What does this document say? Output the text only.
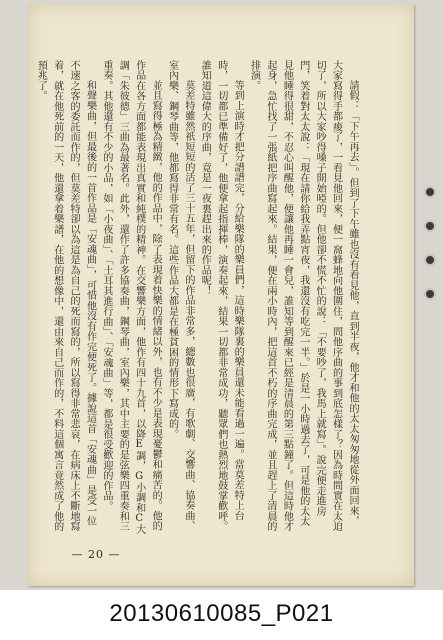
請假：「下午再去」。但到了下午雖也沒有看見他，直到半夜，他才和他的太太匆匆地從外面回來，大家寫得手都痠了，一看見他回來，便一窩蜂地向他圍住，問他序曲的事到底怎樣了？因為時間實在太迫切了，所以大家吵得嗓子開始啞的。但他卻不慌不忙的說：「不要吵了，我馬上就寫」。說完便走進房門，笑着對太太說：「現在請你給我弄點宵夜，我還沒有吃完一半。」於是一小時過去了，可是他的太太見他睡得很甜，不忍心叫醒他，便讓他再睡一會兒，誰知等到醒來已經是清晨的第三點鐘了。但這時他才起身，急忙找了一張紙把序曲寫起來。結果，便在兩小時內，把這首不朽的序曲完成，並且趕上了清晨的排演。

等到上演時才把分譜譜完，分給樂隊的樂員們，這時樂隊裏的樂員還未能看過一遍。當莫差特上台時，一切都已準備好了，他便拿起指揮棒，演奏起來，結果一切都非常成功，聽眾們也熱烈地鼓掌歡呼。誰知道這偉大的序曲，竟是一夜裏趕出來的作品呢！

莫差特雖然祇短短的活了三十五年，但留下的作品非常多，總數也很廣，有歌劇、交響曲、協奏曲、室內樂、鋼琴曲等，他都寫得非常有名。這些作品大都是在極貧困的情形下寫成的。

並且寫得極為精緻，他的作品中，除了表現着快樂的情緒以外，也有不少是表現憂鬱和痛苦的。他的作品在各方面都能表現出真實和純樸的精神。在交響樂方面，他作有四十九首，以降E調，G小調和C大調「朱彼德」三曲為最著名。此外，還作了許多協奏曲，鋼琴曲，室內樂，其中主要的是弦樂四重奏和三重奏。其他還有不少的小品，如「小夜曲」、「土耳其進行曲」、「安魂曲」等，都是很受歡迎的作品。

和聲樂曲，但最後的一首作品是「安魂曲」，可惜他沒有作完便死了。據說這首「安魂曲」是受一位不速之客的委託而作的，但莫差特卻以為這是為自己的死而寫的，所以寫得非常悲哀，在病床上不斷地寫着，就在他死前的一天，他還拿着樂譜，在他的想像中，還由來自己而作的，不料這個寓言竟然成了他的預兆了。

— 20 —
20130610085_P021
